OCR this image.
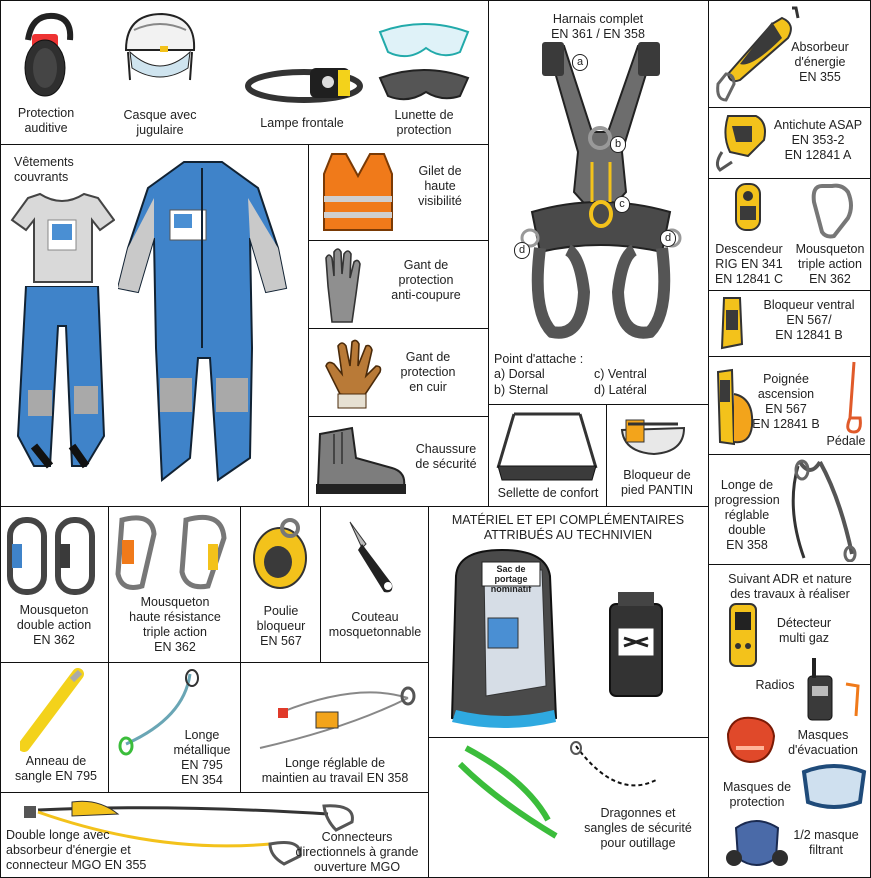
Protection
auditive
Casque avec
jugulaire	Lampe frontale
Lunette de
protection
Vêtements
couvrants	Gilet de
haute
visibilité
Gant de
protection
anti-coupure
Gant de
protection
en cuir
Chaussure
de sécurité
Harnais complet
EN 361 / EN 358
a
b
c
d
d
Point d'attache :
a) Dorsal
b) Sternal
c) Ventral
d) Latéral
Sellette de confort
Bloqueur de
pied PANTIN
Absorbeur
d'énergie
EN 355
Antichute ASAP
EN 353-2
EN 12841 A
Descendeur
RIG EN 341
EN 12841 C
Mousqueton
triple action
EN 362
Bloqueur ventral
EN 567/
EN 12841 B
Poignée
ascension
EN 567
EN 12841 B
Pédale
Longe de
progression
réglable
double
EN 358
Suivant ADR et nature
des travaux à réaliser
Détecteur
multi gaz
Radios
Masques
d'évacuation
Masques de
protection
1/2 masque
filtrant
Mousqueton
double action
EN 362
Mousqueton
haute résistance
triple action
EN 362
Poulie
bloqueur
EN 567
Couteau
mosquetonnable
MATÉRIEL ET EPI COMPLÉMENTAIRES
ATTRIBUÉS AU TECHNIVIEN
Sac de portage
nominatif
Anneau de
sangle EN 795
Longe
métallique
EN 795
EN 354
Longe réglable de
maintien au travail EN 358
Dragonnes et
sangles de sécurité
pour outillage
Double longe avec
absorbeur d'énergie et
connecteur MGO EN 355
Connecteurs
directionnels à grande
ouverture MGO
